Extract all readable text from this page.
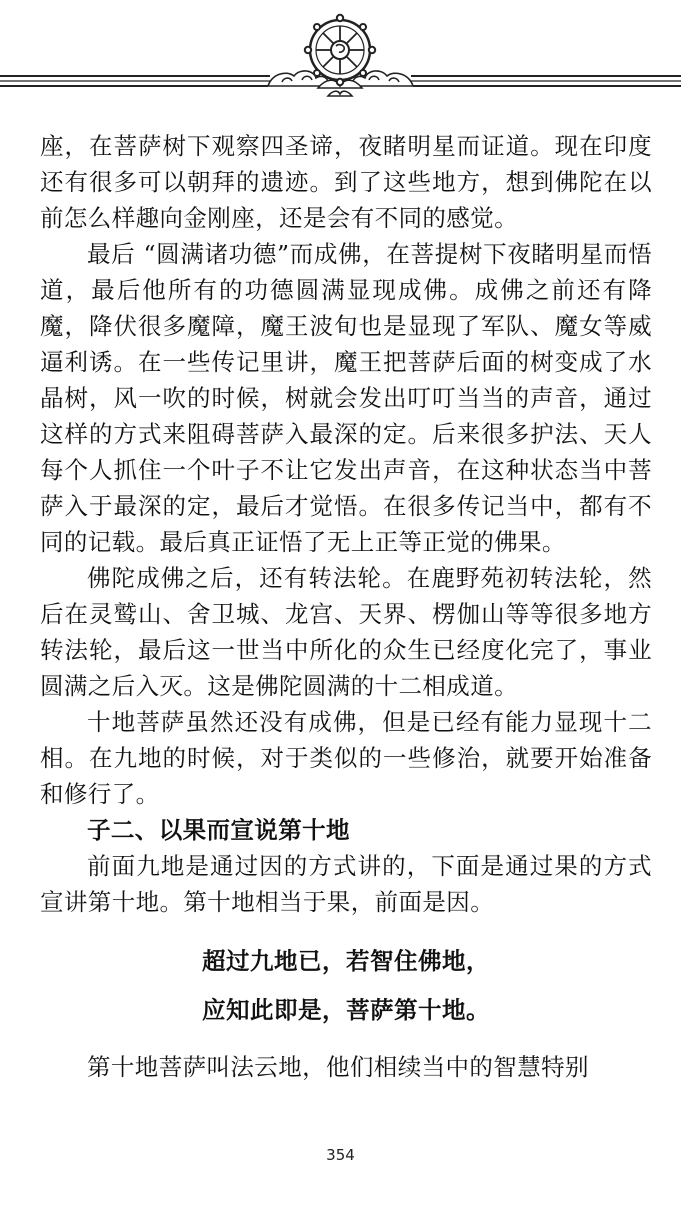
座，在菩萨树下观察四圣谛，夜睹明星而证道。现在印度还有很多可以朝拜的遗迹。到了这些地方，想到佛陀在以前怎么样趣向金刚座，还是会有不同的感觉。

最后 “圆满诸功德”而成佛，在菩提树下夜睹明星而悟道，最后他所有的功德圆满显现成佛。成佛之前还有降魔，降伏很多魔障，魔王波旬也是显现了军队、魔女等威逼利诱。在一些传记里讲，魔王把菩萨后面的树变成了水晶树，风一吹的时候，树就会发出叮叮当当的声音，通过这样的方式来阻碍菩萨入最深的定。后来很多护法、天人每个人抓住一个叶子不让它发出声音，在这种状态当中菩萨入于最深的定，最后才觉悟。在很多传记当中，都有不同的记载。最后真正证悟了无上正等正觉的佛果。

佛陀成佛之后，还有转法轮。在鹿野苑初转法轮，然后在灵鹫山、舍卫城、龙宫、天界、楞伽山等等很多地方转法轮，最后这一世当中所化的众生已经度化完了，事业圆满之后入灭。这是佛陀圆满的十二相成道。

十地菩萨虽然还没有成佛，但是已经有能力显现十二相。在九地的时候，对于类似的一些修治，就要开始准备和修行了。

子二、以果而宣说第十地

前面九地是通过因的方式讲的，下面是通过果的方式宣讲第十地。第十地相当于果，前面是因。

超过九地已，若智住佛地，

应知此即是，菩萨第十地。

第十地菩萨叫法云地，他们相续当中的智慧特别

354
